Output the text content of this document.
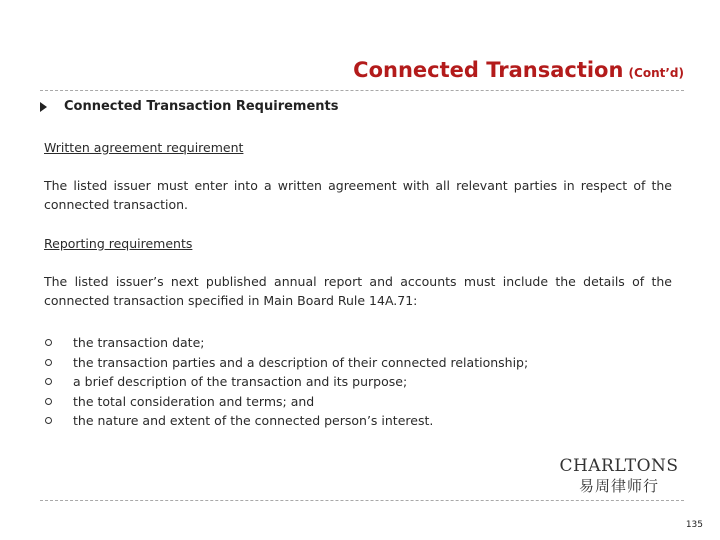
Connected Transaction (Cont’d)
Connected Transaction Requirements
Written agreement requirement
The listed issuer must enter into a written agreement with all relevant parties in respect of the connected transaction.
Reporting requirements
The listed issuer’s next published annual report and accounts must include the details of the connected transaction specified in Main Board Rule 14A.71:
the transaction date;
the transaction parties and a description of their connected relationship;
a brief description of the transaction and its purpose;
the total consideration and terms; and
the nature and extent of the connected person’s interest.
CHARLTONS
易周律师行
135
